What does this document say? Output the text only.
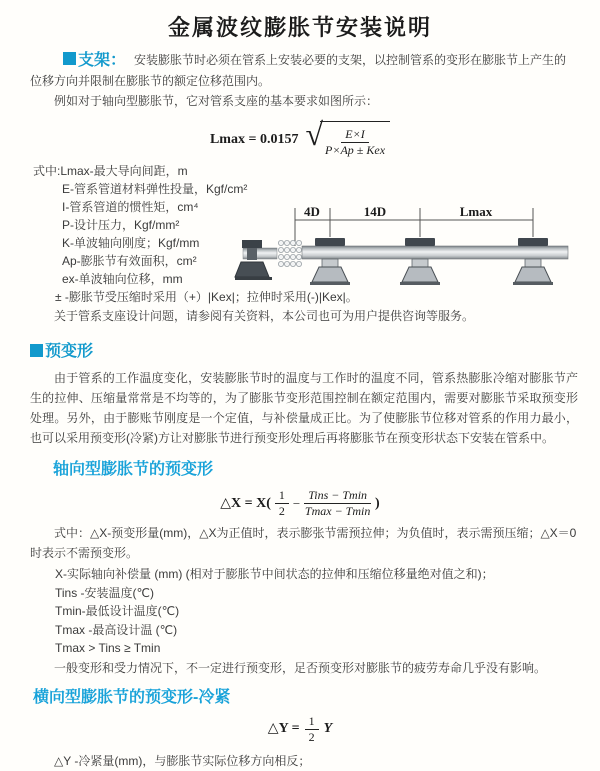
金属波纹膨胀节安装说明

支架： 安装膨胀节时必须在管系上安装必要的支架，以控制管系的变形在膨胀节上产生的位移方向并限制在膨胀节的额定位移范围内。

例如对于轴向型膨胀节，它对管系支座的基本要求如图所示：

Lmax = 0.0157 √ $\frac{E\times I}{\text{P×Ap ± Kex}}$
式中:Lmax-最大导向间距，m
E-管系管道材料弹性投量，Kgf/cm²
I-管系管道的惯性矩，cm⁴
P-设计压力，Kgf/mm²
K-单波轴向刚度；Kgf/mm
Ap-膨胀节有效面积，cm²
ex-单波轴向位移，mm
± -膨胀节受压缩时采用（+）|Kex|；拉伸时采用(-)|Kex|。

关于管系支座设计问题，请参阅有关资料，本公司也可为用户提供咨询等服务。

4D	14D	Lmax
预变形

由于管系的工作温度变化，安装膨胀节时的温度与工作时的温度不同，管系热膨胀冷缩对膨胀节产生的拉伸、压缩量常常是不均等的，为了膨胀节变形范围控制在额定范围内，需要对膨胀节采取预变形处理。另外，由于膨账节刚度是一个定值，与补偿量成正比。为了使膨胀节位移对管系的作用力最小，也可以采用预变形(冷紧)方让对膨胀节进行预变形处理后再将膨胀节在预变形状态下安装在管系中。

轴向型膨胀节的预变形
△X = $X( \frac{1}{2} - \frac{\text{Tins − Tmin}}{Tmax - Tmin}$ )

式中：△X-预变形量(mm)，△X为正值时，表示膨张节需预拉伸；为负值时，表示需预压缩；△X＝0时表示不需预变形。

X-实际轴向补偿量 (mm) (相对于膨胀节中间状态的拉伸和压缩位移量绝对值之和)；
Tins -安装温度(℃)
Tmin-最低设计温度(℃)
Tmax -最高设计温 (℃)
Tmax > Tins ≥ Tmin

一般变形和受力情况下，不一定进行预变形，足否预变形对膨胀节的疲劳寿命几乎没有影响。

横向型膨胀节的预变形-冷紧
△Y = $\frac{1}{2}$ Y

△Y -冷紧量(mm)，与膨胀节实际位移方向相反；
